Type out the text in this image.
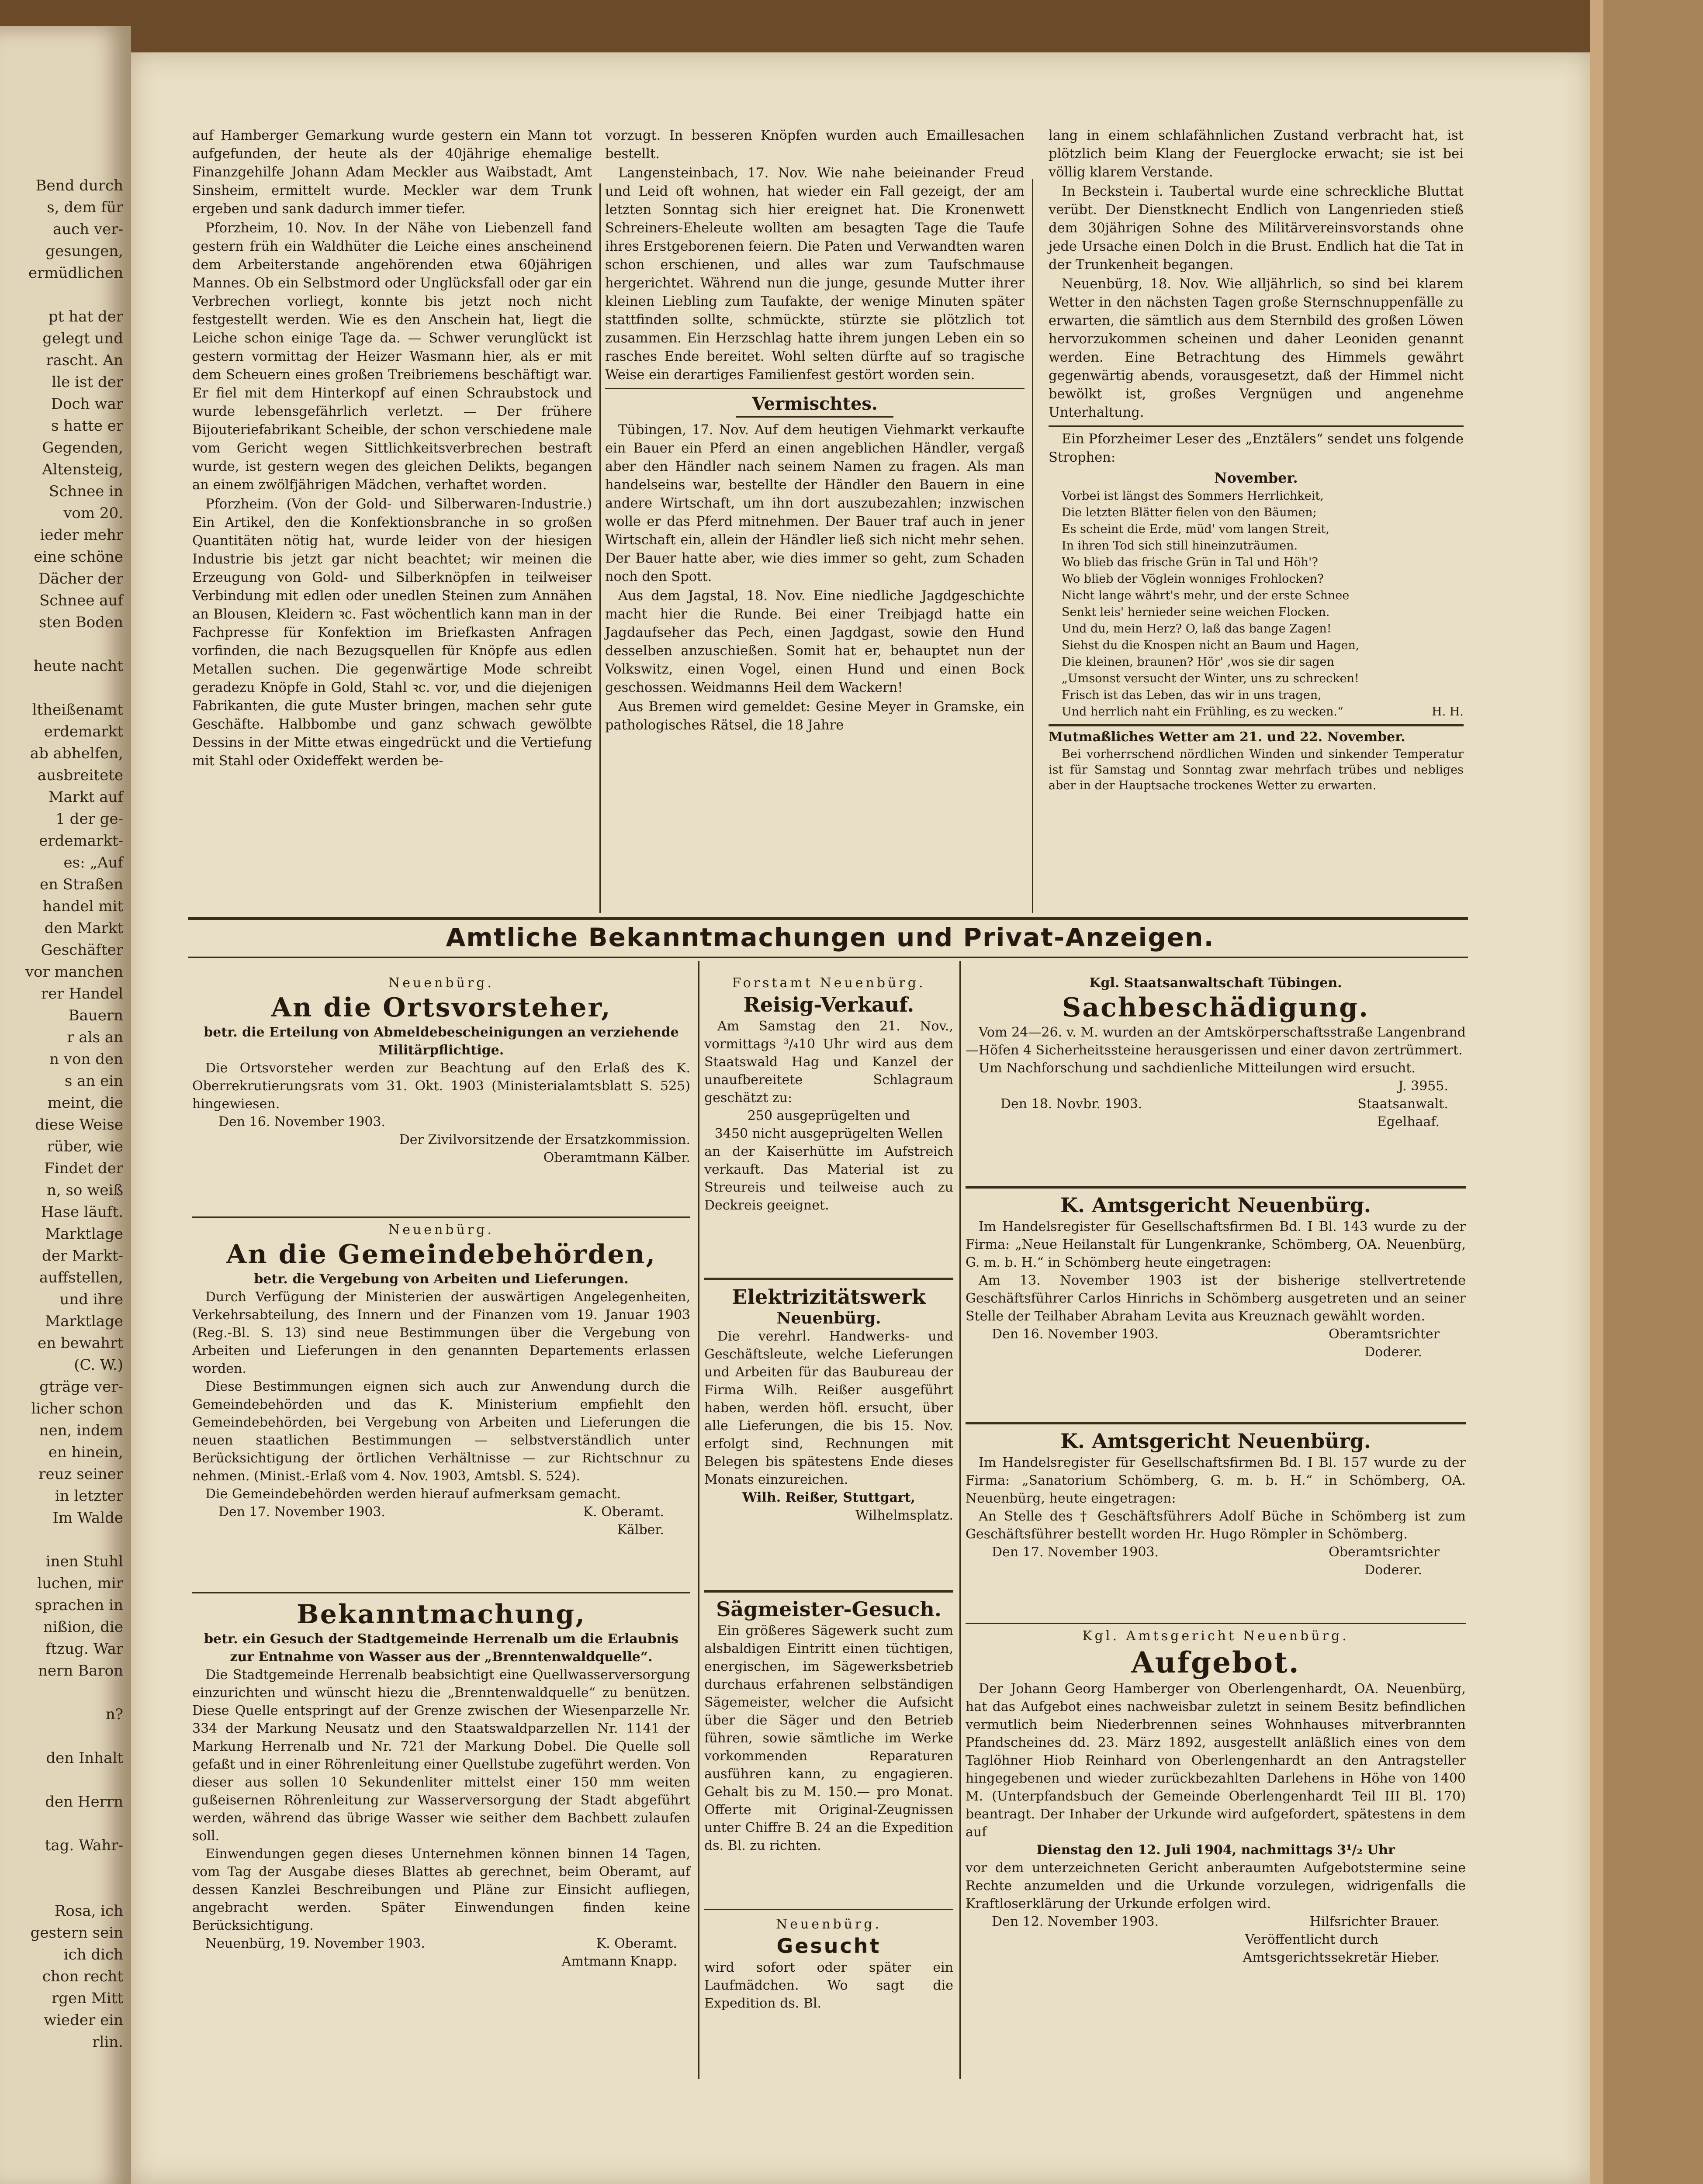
Bend durch
s, dem für
auch ver-
gesungen,
ermüdlichen

pt hat der
gelegt und
rascht. An
lle ist der
Doch war
s hatte er
Gegenden,
Altensteig,
Schnee in
vom 20.
ieder mehr
eine schöne
Dächer der
Schnee auf
sten Boden

heute nacht

ltheißenamt
erdemarkt
ab abhelfen,
ausbreitete
Markt auf
1 der ge-
erdemarkt-
es: „Auf
en Straßen
handel mit
den Markt
Geschäfter
vor manchen
rer Handel
Bauern
r als an
n von den
s an ein
meint, die
diese Weise
rüber, wie
Findet der
n, so weiß
Hase läuft.
Marktlage
der Markt-
auffstellen,
und ihre
Marktlage
en bewahrt
(C. W.)
gträge ver-
licher schon
nen, indem
en hinein,
reuz seiner
in letzter
Im Walde

inen Stuhl
luchen, mir
sprachen in
nißion, die
ftzug. War
nern Baron

n?

den Inhalt

den Herrn

tag. Wahr-

Rosa, ich
gestern sein
ich dich
chon recht
rgen Mitt
wieder ein
rlin.

auf Hamberger Gemarkung wurde gestern ein Mann tot aufgefunden, der heute als der 40jährige ehemalige Finanzgehilfe Johann Adam Meckler aus Waibstadt, Amt Sinsheim, ermittelt wurde. Meckler war dem Trunk ergeben und sank dadurch immer tiefer.

Pforzheim, 10. Nov. In der Nähe von Liebenzell fand gestern früh ein Waldhüter die Leiche eines anscheinend dem Arbeiterstande angehörenden etwa 60jährigen Mannes. Ob ein Selbstmord oder Unglücksfall oder gar ein Verbrechen vorliegt, konnte bis jetzt noch nicht festgestellt werden. Wie es den Anschein hat, liegt die Leiche schon einige Tage da. — Schwer verunglückt ist gestern vormittag der Heizer Wasmann hier, als er mit dem Scheuern eines großen Treibriemens beschäftigt war. Er fiel mit dem Hinterkopf auf einen Schraubstock und wurde lebensgefährlich verletzt. — Der frühere Bijouteriefabrikant Scheible, der schon verschiedene male vom Gericht wegen Sittlichkeitsverbrechen bestraft wurde, ist gestern wegen des gleichen Delikts, begangen an einem zwölfjährigen Mädchen, verhaftet worden.

Pforzheim. (Von der Gold- und Silberwaren-Industrie.) Ein Artikel, den die Konfektionsbranche in so großen Quantitäten nötig hat, wurde leider von der hiesigen Industrie bis jetzt gar nicht beachtet; wir meinen die Erzeugung von Gold- und Silberknöpfen in teilweiser Verbindung mit edlen oder unedlen Steinen zum Annähen an Blousen, Kleidern ꝛc. Fast wöchentlich kann man in der Fachpresse für Konfektion im Briefkasten Anfragen vorfinden, die nach Bezugsquellen für Knöpfe aus edlen Metallen suchen. Die gegenwärtige Mode schreibt geradezu Knöpfe in Gold, Stahl ꝛc. vor, und die diejenigen Fabrikanten, die gute Muster bringen, machen sehr gute Geschäfte. Halbbombe und ganz schwach gewölbte Dessins in der Mitte etwas eingedrückt und die Vertiefung mit Stahl oder Oxideffekt werden be-

vorzugt. In besseren Knöpfen wurden auch Emaillesachen bestellt.

Langensteinbach, 17. Nov. Wie nahe beieinander Freud und Leid oft wohnen, hat wieder ein Fall gezeigt, der am letzten Sonntag sich hier ereignet hat. Die Kronenwett Schreiners-Eheleute wollten am besagten Tage die Taufe ihres Erstgeborenen feiern. Die Paten und Verwandten waren schon erschienen, und alles war zum Taufschmause hergerichtet. Während nun die junge, gesunde Mutter ihrer kleinen Liebling zum Taufakte, der wenige Minuten später stattfinden sollte, schmückte, stürzte sie plötzlich tot zusammen. Ein Herzschlag hatte ihrem jungen Leben ein so rasches Ende bereitet. Wohl selten dürfte auf so tragische Weise ein derartiges Familienfest gestört worden sein.

Vermischtes.

Tübingen, 17. Nov. Auf dem heutigen Viehmarkt verkaufte ein Bauer ein Pferd an einen angeblichen Händler, vergaß aber den Händler nach seinem Namen zu fragen. Als man handelseins war, bestellte der Händler den Bauern in eine andere Wirtschaft, um ihn dort auszubezahlen; inzwischen wolle er das Pferd mitnehmen. Der Bauer traf auch in jener Wirtschaft ein, allein der Händler ließ sich nicht mehr sehen. Der Bauer hatte aber, wie dies immer so geht, zum Schaden noch den Spott.

Aus dem Jagstal, 18. Nov. Eine niedliche Jagdgeschichte macht hier die Runde. Bei einer Treibjagd hatte ein Jagdaufseher das Pech, einen Jagdgast, sowie den Hund desselben anzuschießen. Somit hat er, behauptet nun der Volkswitz, einen Vogel, einen Hund und einen Bock geschossen. Weidmanns Heil dem Wackern!

Aus Bremen wird gemeldet: Gesine Meyer in Gramske, ein pathologisches Rätsel, die 18 Jahre

lang in einem schlafähnlichen Zustand verbracht hat, ist plötzlich beim Klang der Feuerglocke erwacht; sie ist bei völlig klarem Verstande.

In Beckstein i. Taubertal wurde eine schreckliche Bluttat verübt. Der Dienstknecht Endlich von Langenrieden stieß dem 30jährigen Sohne des Militärvereinsvorstands ohne jede Ursache einen Dolch in die Brust. Endlich hat die Tat in der Trunkenheit begangen.

Neuenbürg, 18. Nov. Wie alljährlich, so sind bei klarem Wetter in den nächsten Tagen große Sternschnuppenfälle zu erwarten, die sämtlich aus dem Sternbild des großen Löwen hervorzukommen scheinen und daher Leoniden genannt werden. Eine Betrachtung des Himmels gewährt gegenwärtig abends, vorausgesetzt, daß der Himmel nicht bewölkt ist, großes Vergnügen und angenehme Unterhaltung.

Ein Pforzheimer Leser des „Enztälers“ sendet uns folgende Strophen:

November.
Vorbei ist längst des Sommers Herrlichkeit,
Die letzten Blätter fielen von den Bäumen;
Es scheint die Erde, müd' vom langen Streit,
In ihren Tod sich still hineinzuträumen.
Wo blieb das frische Grün in Tal und Höh'?
Wo blieb der Vöglein wonniges Frohlocken?
Nicht lange währt's mehr, und der erste Schnee
Senkt leis' hernieder seine weichen Flocken.
Und du, mein Herz? O, laß das bange Zagen!
Siehst du die Knospen nicht an Baum und Hagen,
Die kleinen, braunen? Hör' ‚wos sie dir sagen
„Umsonst versucht der Winter, uns zu schrecken!
Frisch ist das Leben, das wir in uns tragen,
Und herrlich naht ein Frühling, es zu wecken.“	H. H.
Mutmaßliches Wetter am 21. und 22. November.

Bei vorherrschend nördlichen Winden und sinkender Temperatur ist für Samstag und Sonntag zwar mehrfach trübes und nebliges aber in der Hauptsache trockenes Wetter zu erwarten.

Amtliche Bekanntmachungen und Privat-Anzeigen.

Neuenbürg.

An die Ortsvorsteher,

betr. die Erteilung von Abmeldebescheinigungen an verziehende Militärpflichtige.

Die Ortsvorsteher werden zur Beachtung auf den Erlaß des K. Oberrekrutierungsrats vom 31. Okt. 1903 (Ministerialamtsblatt S. 525) hingewiesen.

Den 16. November 1903.

Der Zivilvorsitzende der Ersatzkommission.

Oberamtmann Kälber.

Neuenbürg.

An die Gemeindebehörden,

betr. die Vergebung von Arbeiten und Lieferungen.

Durch Verfügung der Ministerien der auswärtigen Angelegenheiten, Verkehrsabteilung, des Innern und der Finanzen vom 19. Januar 1903 (Reg.-Bl. S. 13) sind neue Bestimmungen über die Vergebung von Arbeiten und Lieferungen in den genannten Departements erlassen worden.

Diese Bestimmungen eignen sich auch zur Anwendung durch die Gemeindebehörden und das K. Ministerium empfiehlt den Gemeindebehörden, bei Vergebung von Arbeiten und Lieferungen die neuen staatlichen Bestimmungen — selbstverständlich unter Berücksichtigung der örtlichen Verhältnisse — zur Richtschnur zu nehmen. (Minist.-Erlaß vom 4. Nov. 1903, Amtsbl. S. 524).

Die Gemeindebehörden werden hierauf aufmerksam gemacht.

Den 17. November 1903.	K. Oberamt.

Kälber.

Bekanntmachung,

betr. ein Gesuch der Stadtgemeinde Herrenalb um die Erlaubnis zur Entnahme von Wasser aus der „Brenntenwaldquelle“.

Die Stadtgemeinde Herrenalb beabsichtigt eine Quellwasserversorgung einzurichten und wünscht hiezu die „Brenntenwaldquelle“ zu benützen. Diese Quelle entspringt auf der Grenze zwischen der Wiesenparzelle Nr. 334 der Markung Neusatz und den Staatswaldparzellen Nr. 1141 der Markung Herrenalb und Nr. 721 der Markung Dobel. Die Quelle soll gefaßt und in einer Röhrenleitung einer Quellstube zugeführt werden. Von dieser aus sollen 10 Sekundenliter mittelst einer 150 mm weiten gußeisernen Röhrenleitung zur Wasserversorgung der Stadt abgeführt werden, während das übrige Wasser wie seither dem Bachbett zulaufen soll.

Einwendungen gegen dieses Unternehmen können binnen 14 Tagen, vom Tag der Ausgabe dieses Blattes ab gerechnet, beim Oberamt, auf dessen Kanzlei Beschreibungen und Pläne zur Einsicht aufliegen, angebracht werden. Später Einwendungen finden keine Berücksichtigung.

Neuenbürg, 19. November 1903.	K. Oberamt.

Amtmann Knapp.

Forstamt Neuenbürg.

Reisig-Verkauf.

Am Samstag den 21. Nov., vormittags ³/₄10 Uhr wird aus dem Staatswald Hag und Kanzel der unaufbereitete Schlagraum geschätzt zu:

250 ausgeprügelten und

3450 nicht ausgeprügelten Wellen

an der Kaiserhütte im Aufstreich verkauft. Das Material ist zu Streureis und teilweise auch zu Deckreis geeignet.

Elektrizitätswerk

Neuenbürg.

Die verehrl. Handwerks- und Geschäftsleute, welche Lieferungen und Arbeiten für das Baubureau der Firma Wilh. Reißer ausgeführt haben, werden höfl. ersucht, über alle Lieferungen, die bis 15. Nov. erfolgt sind, Rechnungen mit Belegen bis spätestens Ende dieses Monats einzureichen.

Wilh. Reißer, Stuttgart,

Wilhelmsplatz.

Sägmeister-Gesuch.

Ein größeres Sägewerk sucht zum alsbaldigen Eintritt einen tüchtigen, energischen, im Sägewerksbetrieb durchaus erfahrenen selbständigen Sägemeister, welcher die Aufsicht über die Säger und den Betrieb führen, sowie sämtliche im Werke vorkommenden Reparaturen ausführen kann, zu engagieren. Gehalt bis zu M. 150.— pro Monat. Offerte mit Original-Zeugnissen unter Chiffre B. 24 an die Expedition ds. Bl. zu richten.

Neuenbürg.

Gesucht

wird sofort oder später ein Laufmädchen. Wo sagt die Expedition ds. Bl.

Kgl. Staatsanwaltschaft Tübingen.

Sachbeschädigung.

Vom 24—26. v. M. wurden an der Amtskörperschaftsstraße Langenbrand—Höfen 4 Sicherheitssteine herausgerissen und einer davon zertrümmert.

Um Nachforschung und sachdienliche Mitteilungen wird ersucht.

J. 3955.

Den 18. Novbr. 1903.	Staatsanwalt.

Egelhaaf.

K. Amtsgericht Neuenbürg.

Im Handelsregister für Gesellschaftsfirmen Bd. I Bl. 143 wurde zu der Firma: „Neue Heilanstalt für Lungenkranke, Schömberg, OA. Neuenbürg, G. m. b. H.“ in Schömberg heute eingetragen:

Am 13. November 1903 ist der bisherige stellvertretende Geschäftsführer Carlos Hinrichs in Schömberg ausgetreten und an seiner Stelle der Teilhaber Abraham Levita aus Kreuznach gewählt worden.

Den 16. November 1903.	Oberamtsrichter

Doderer.

K. Amtsgericht Neuenbürg.

Im Handelsregister für Gesellschaftsfirmen Bd. I Bl. 157 wurde zu der Firma: „Sanatorium Schömberg, G. m. b. H.“ in Schömberg, OA. Neuenbürg, heute eingetragen:

An Stelle des † Geschäftsführers Adolf Büche in Schömberg ist zum Geschäftsführer bestellt worden Hr. Hugo Römpler in Schömberg.

Den 17. November 1903.	Oberamtsrichter

Doderer.

Kgl. Amtsgericht Neuenbürg.

Aufgebot.

Der Johann Georg Hamberger von Oberlengenhardt, OA. Neuenbürg, hat das Aufgebot eines nachweisbar zuletzt in seinem Besitz befindlichen vermutlich beim Niederbrennen seines Wohnhauses mitverbrannten Pfandscheines dd. 23. März 1892, ausgestellt anläßlich eines von dem Taglöhner Hiob Reinhard von Oberlengenhardt an den Antragsteller hingegebenen und wieder zurückbezahlten Darlehens in Höhe von 1400 M. (Unterpfandsbuch der Gemeinde Oberlengenhardt Teil III Bl. 170) beantragt. Der Inhaber der Urkunde wird aufgefordert, spätestens in dem auf

Dienstag den 12. Juli 1904, nachmittags 3¹/₂ Uhr

vor dem unterzeichneten Gericht anberaumten Aufgebotstermine seine Rechte anzumelden und die Urkunde vorzulegen, widrigenfalls die Kraftloserklärung der Urkunde erfolgen wird.

Den 12. November 1903.	Hilfsrichter Brauer.

Veröffentlicht durch

Amtsgerichtssekretär Hieber.
